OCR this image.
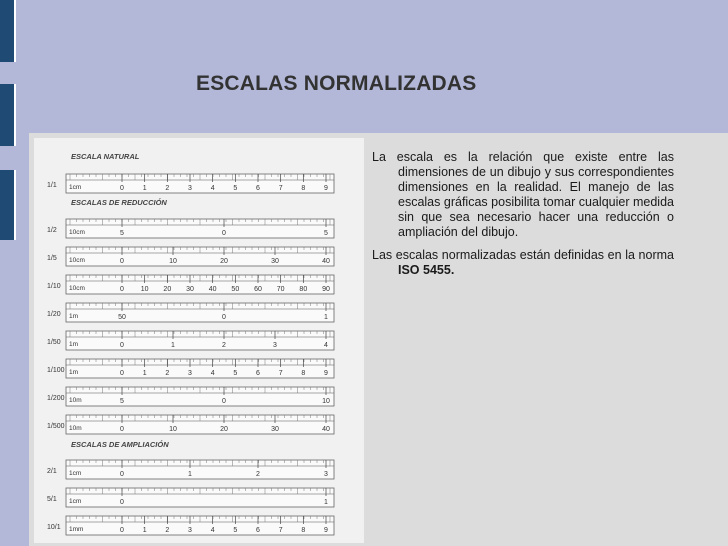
ESCALAS NORMALIZADAS
ESCALA NATURAL
1/1 1cm	0	1	2	3	4	5	6	7	8	9
ESCALAS DE REDUCCIÓN
1/2 10cm	5	0	5
1/5 10cm	0	10	20	30	40
1/10 10cm	0 10 20 30 40 50 60 70 80 90
1/20 1m	50	0	1
1/50 1m	0	1	2	3	4
1/100 1m	0	1	2	3	4	5	6	7	8	9
1/200 10m	5	0	10
1/500 10m	0	10	20	30	40
ESCALAS DE AMPLIACIÓN
2/1 1cm	0	1	2	3
5/1 1cm	0	1
10/1 1mm	0	1	2	3	4	5	6	7	8	9

La escala es la relación que existe entre las dimensiones de un dibujo y sus correspondientes dimensiones en la realidad. El manejo de las escalas gráficas posibilita tomar cualquier medida sin que sea necesario hacer una reducción o ampliación del dibujo.

Las escalas normalizadas están definidas en la norma ISO 5455.
